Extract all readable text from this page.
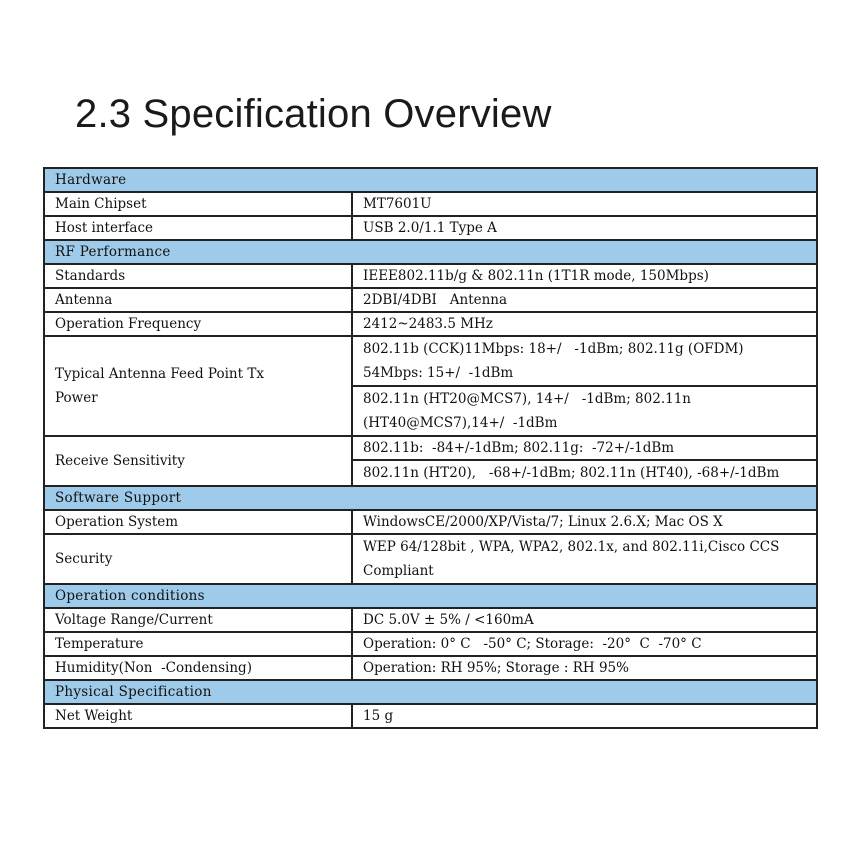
2.3 Specification Overview
Hardware	
Main Chipset	MT7601U
Host interface	USB 2.0/1.1 Type A
RF Performance	
Standards	IEEE802.11b/g & 802.11n (1T1R mode, 150Mbps)
Antenna	2DBI/4DBI   Antenna
Operation Frequency	2412~2483.5 MHz
Typical Antenna Feed Point Tx Power	802.11b (CCK)11Mbps: 18+/   -1dBm; 802.11g (OFDM) 54Mbps: 15+/  -1dBm
	802.11n (HT20@MCS7), 14+/   -1dBm; 802.11n (HT40@MCS7),14+/  -1dBm
Receive Sensitivity	802.11b:  -84+/-1dBm; 802.11g:  -72+/-1dBm
	802.11n (HT20),   -68+/-1dBm; 802.11n (HT40), -68+/-1dBm
Software Support	
Operation System	WindowsCE/2000/XP/Vista/7; Linux 2.6.X; Mac OS X
Security	WEP 64/128bit , WPA, WPA2, 802.1x, and 802.11i,Cisco CCS Compliant
Operation conditions	
Voltage Range/Current	DC 5.0V ± 5% / <160mA
Temperature	Operation: 0° C   -50° C; Storage:  -20°  C  -70° C
Humidity(Non  -Condensing)	Operation: RH 95%; Storage : RH 95%
Physical Specification	
Net Weight	15 g
